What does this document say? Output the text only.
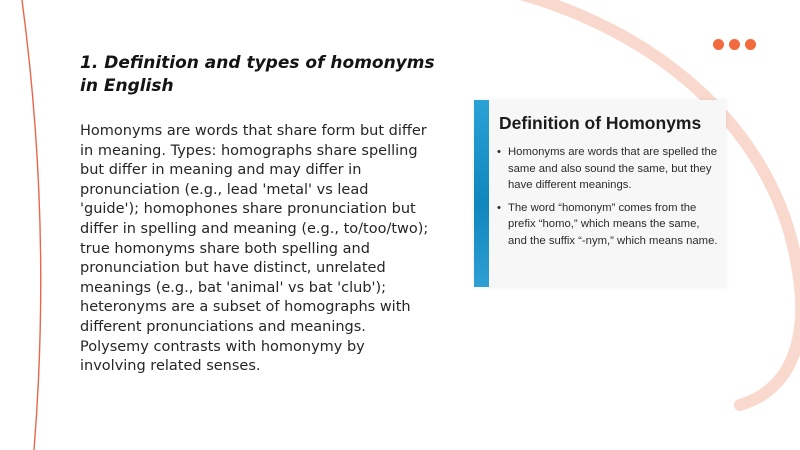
1. Definition and types of homonyms in English

Homonyms are words that share form but differ in meaning. Types: homographs share spelling but differ in meaning and may differ in pronunciation (e.g., lead 'metal' vs lead 'guide'); homophones share pronunciation but differ in spelling and meaning (e.g., to/too/two); true homonyms share both spelling and pronunciation but have distinct, unrelated meanings (e.g., bat 'animal' vs bat 'club'); heteronyms are a subset of homographs with different pronunciations and meanings. Polysemy contrasts with homonymy by involving related senses.

Definition of Homonyms
• Homonyms are words that are spelled the same and also sound the same, but they have different meanings.
• The word “homonym” comes from the prefix “homo,” which means the same, and the suffix “-nym,” which means name.
